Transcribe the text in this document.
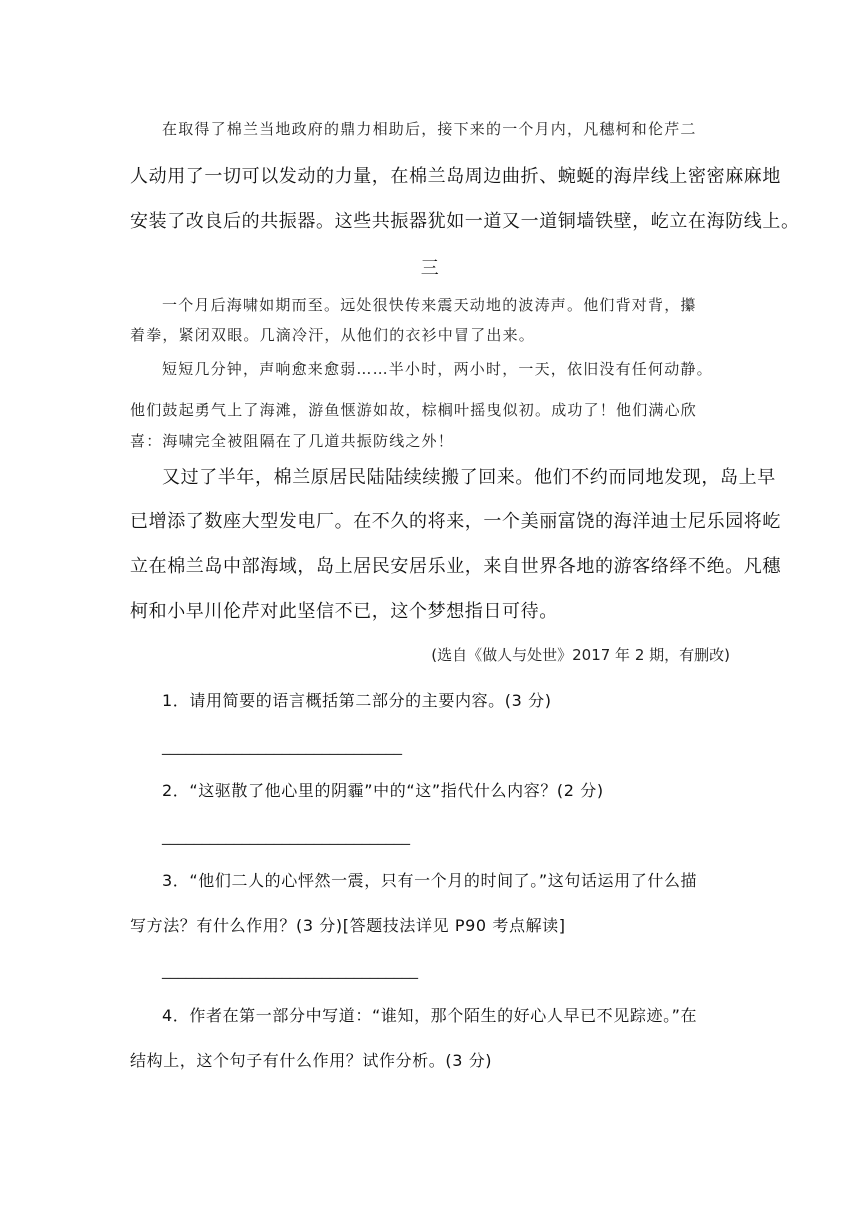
在取得了棉兰当地政府的鼎力相助后，接下来的一个月内，凡穗柯和伦芹二
人动用了一切可以发动的力量，在棉兰岛周边曲折、蜿蜒的海岸线上密密麻麻地
安装了改良后的共振器。这些共振器犹如一道又一道铜墙铁壁，屹立在海防线上。
三
一个月后海啸如期而至。远处很快传来震天动地的波涛声。他们背对背，攥
着拳，紧闭双眼。几滴冷汗，从他们的衣衫中冒了出来。
短短几分钟，声响愈来愈弱……半小时，两小时，一天，依旧没有任何动静。
他们鼓起勇气上了海滩，游鱼惬游如故，棕榈叶摇曳似初。成功了！他们满心欣
喜：海啸完全被阻隔在了几道共振防线之外！
又过了半年，棉兰原居民陆陆续续搬了回来。他们不约而同地发现，岛上早
已增添了数座大型发电厂。在不久的将来，一个美丽富饶的海洋迪士尼乐园将屹
立在棉兰岛中部海域，岛上居民安居乐业，来自世界各地的游客络绎不绝。凡穗
柯和小早川伦芹对此坚信不已，这个梦想指日可待。
(选自《做人与处世》2017 年 2 期，有删改)
1．请用简要的语言概括第二部分的主要内容。(3 分)
______________________________
2．“这驱散了他心里的阴霾”中的“这”指代什么内容？(2 分)
_______________________________
3．“他们二人的心怦然一震，只有一个月的时间了。”这句话运用了什么描
写方法？有什么作用？(3 分)[答题技法详见 P90 考点解读]
________________________________
4．作者在第一部分中写道：“谁知，那个陌生的好心人早已不见踪迹。”在
结构上，这个句子有什么作用？试作分析。(3 分)
